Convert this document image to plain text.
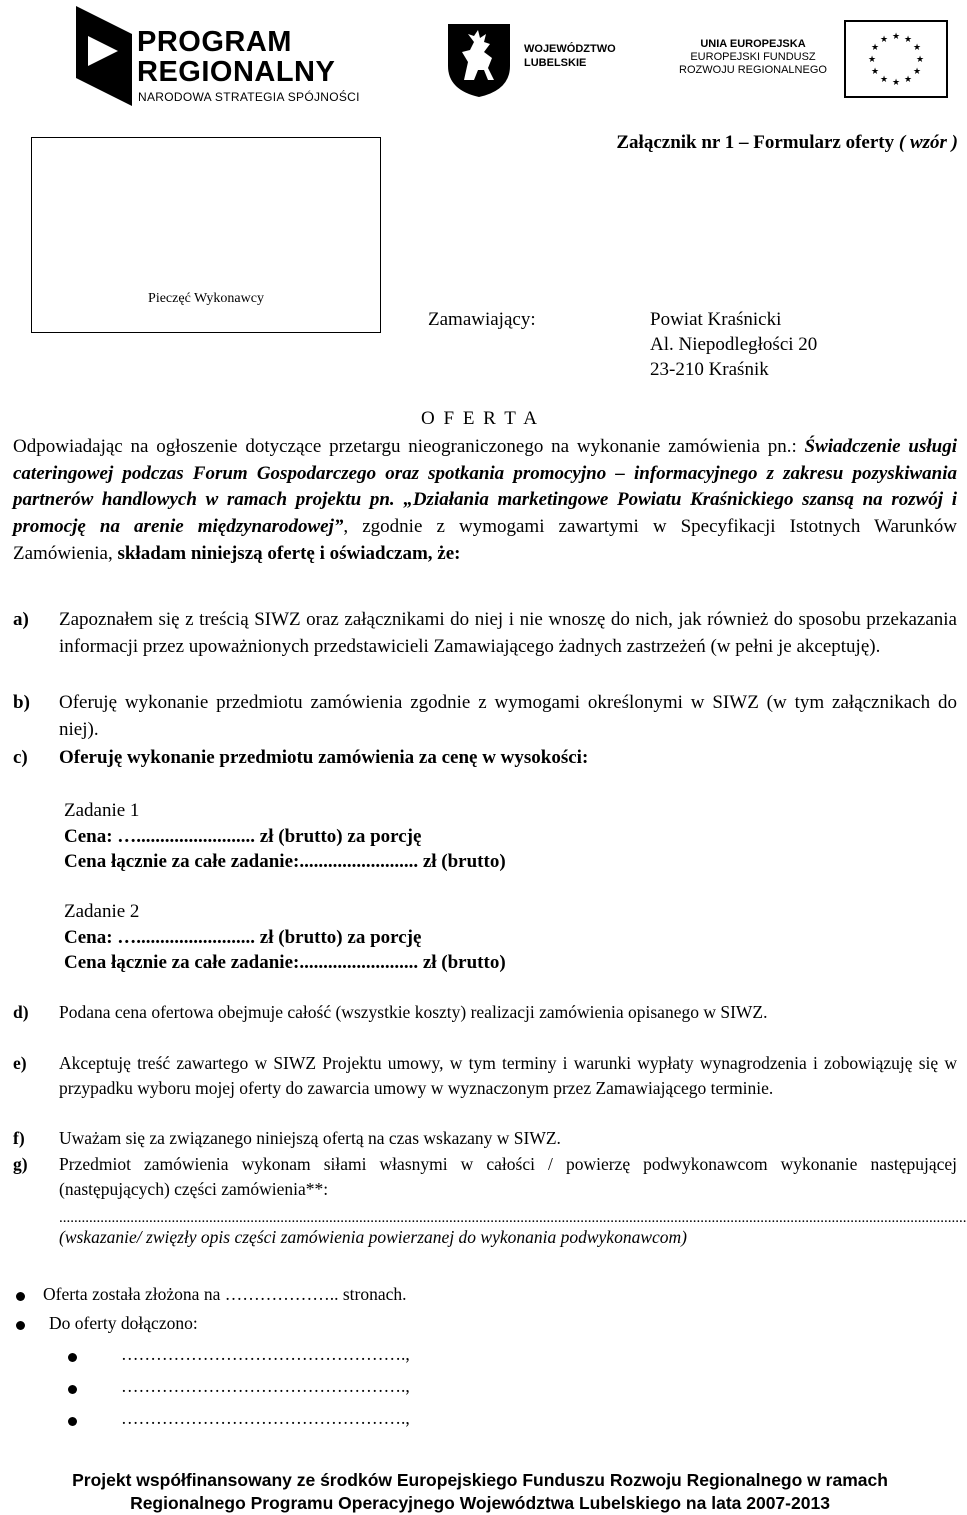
PROGRAM
REGIONALNY
NARODOWA STRATEGIA SPÓJNOŚCI
WOJEWÓDZTWO
LUBELSKIE
UNIA EUROPEJSKA
EUROPEJSKI FUNDUSZ
ROZWOJU REGIONALNEGO
★ ★
★
★
★
★
★
★
★
★
★
★
Załącznik nr 1 – Formularz oferty ( wzór )
Pieczęć Wykonawcy
Zamawiający:	Powiat Kraśnicki
Al. Niepodległości 20
23-210 Kraśnik
O F E R T A
Odpowiadając na ogłoszenie dotyczące przetargu nieograniczonego na wykonanie zamówienia pn.: Świadczenie usługi cateringowej podczas Forum Gospodarczego oraz spotkania promocyjno – informacyjnego z zakresu pozyskiwania partnerów handlowych w ramach projektu pn. „Działania marketingowe Powiatu Kraśnickiego szansą na rozwój i promocję na arenie międzynarodowej”, zgodnie z wymogami zawartymi w Specyfikacji Istotnych Warunków Zamówienia, składam niniejszą ofertę i oświadczam, że:
a) Zapoznałem się z treścią SIWZ oraz załącznikami do niej i nie wnoszę do nich, jak również do sposobu przekazania informacji przez upoważnionych przedstawicieli Zamawiającego żadnych zastrzeżeń (w pełni je akceptuję).
b) Oferuję wykonanie przedmiotu zamówienia zgodnie z wymogami określonymi w SIWZ (w tym załącznikach do niej).
c) Oferuję wykonanie przedmiotu zamówienia za cenę w wysokości:
Zadanie 1
Cena: …......................... zł (brutto) za porcję
Cena łącznie za całe zadanie:......................... zł (brutto)
Zadanie 2
Cena: …......................... zł (brutto) za porcję
Cena łącznie za całe zadanie:......................... zł (brutto)
d) Podana cena ofertowa obejmuje całość (wszystkie koszty) realizacji zamówienia opisanego w SIWZ.
e) Akceptuję treść zawartego w SIWZ Projektu umowy, w tym terminy i warunki wypłaty wynagrodzenia i zobowiązuję się w przypadku wyboru mojej oferty do zawarcia umowy w wyznaczonym przez Zamawiającego terminie.
f) Uważam się za związanego niniejszą ofertą na czas wskazany w SIWZ.
g) Przedmiot zamówienia wykonam siłami własnymi w całości / powierzę podwykonawcom wykonanie następującej (następujących) części zamówienia**:
..................................................................................................................................................................................................................................................
(wskazanie/ zwięzły opis części zamówienia powierzanej do wykonania podwykonawcom)
Oferta została złożona na ……………….. stronach.
Do oferty dołączono:
………………………………………….,
………………………………………….,
………………………………………….,
Projekt współfinansowany ze środków Europejskiego Funduszu Rozwoju Regionalnego w ramach
Regionalnego Programu Operacyjnego Województwa Lubelskiego na lata 2007-2013
